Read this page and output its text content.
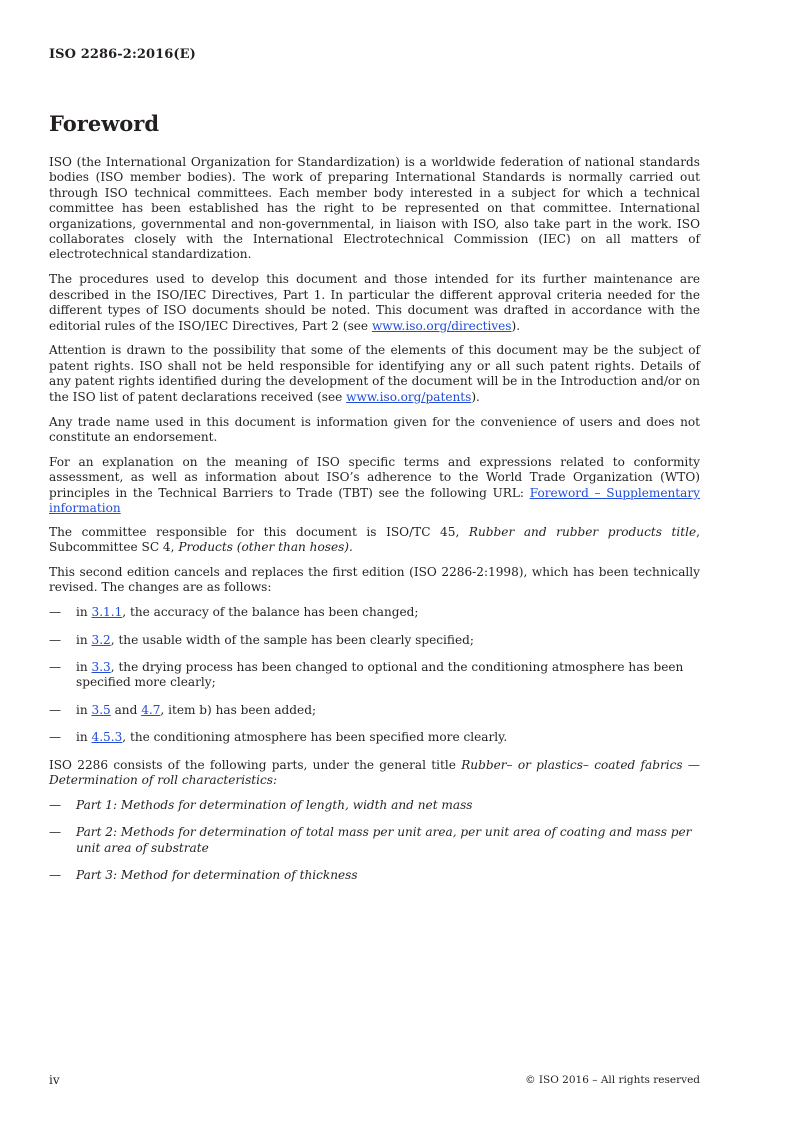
ISO 2286-2:2016(E)
Foreword

ISO (the International Organization for Standardization) is a worldwide federation of national standards bodies (ISO member bodies). The work of preparing International Standards is normally carried out through ISO technical committees. Each member body interested in a subject for which a technical committee has been established has the right to be represented on that committee. International organizations, governmental and non-governmental, in liaison with ISO, also take part in the work. ISO collaborates closely with the International Electrotechnical Commission (IEC) on all matters of electrotechnical standardization.

The procedures used to develop this document and those intended for its further maintenance are described in the ISO/IEC Directives, Part 1. In particular the different approval criteria needed for the different types of ISO documents should be noted. This document was drafted in accordance with the editorial rules of the ISO/IEC Directives, Part 2 (see www.iso.org/directives).

Attention is drawn to the possibility that some of the elements of this document may be the subject of patent rights. ISO shall not be held responsible for identifying any or all such patent rights. Details of any patent rights identified during the development of the document will be in the Introduction and/or on the ISO list of patent declarations received (see www.iso.org/patents).

Any trade name used in this document is information given for the convenience of users and does not constitute an endorsement.

For an explanation on the meaning of ISO specific terms and expressions related to conformity assessment, as well as information about ISO’s adherence to the World Trade Organization (WTO) principles in the Technical Barriers to Trade (TBT) see the following URL: Foreword – Supplementary information

The committee responsible for this document is ISO/TC 45, Rubber and rubber products title, Subcommittee SC 4, Products (other than hoses).

This second edition cancels and replaces the first edition (ISO 2286-2:1998), which has been technically revised. The changes are as follows:

—	in 3.1.1, the accuracy of the balance has been changed;
—	in 3.2, the usable width of the sample has been clearly specified;
—	in 3.3, the drying process has been changed to optional and the conditioning atmosphere has been specified more clearly;
—	in 3.5 and 4.7, item b) has been added;
—	in 4.5.3, the conditioning atmosphere has been specified more clearly.

ISO 2286 consists of the following parts, under the general title Rubber– or plastics– coated fabrics — Determination of roll characteristics:

—	Part 1: Methods for determination of length, width and net mass
—	Part 2: Methods for determination of total mass per unit area, per unit area of coating and mass per unit area of substrate
—	Part 3: Method for determination of thickness
iv	© ISO 2016 – All rights reserved
